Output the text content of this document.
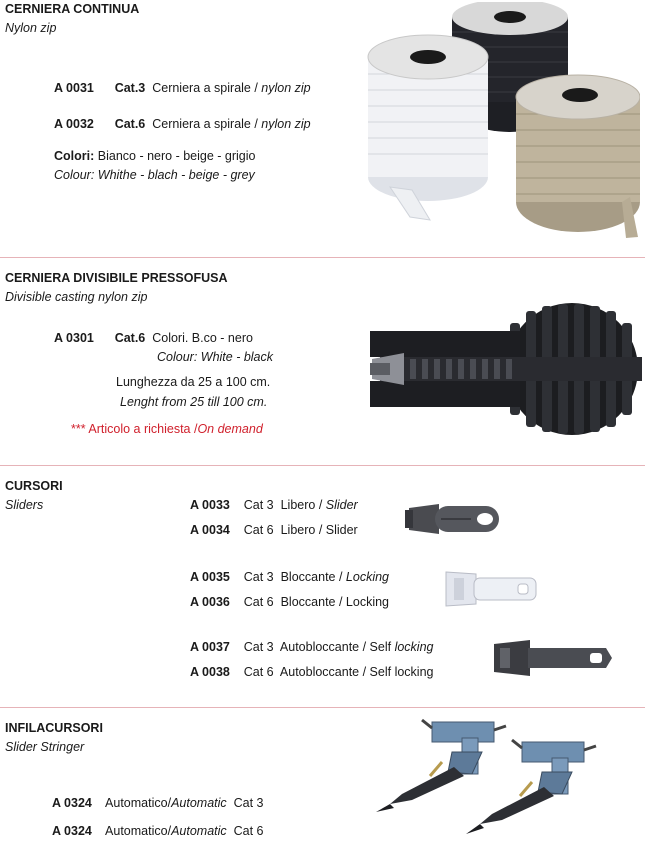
CERNIERA CONTINUA
Nylon zip
A 0031 Cat.3 Cerniera a spirale / nylon zip
A 0032 Cat.6 Cerniera a spirale / nylon zip
Colori: Bianco - nero - beige - grigio
Colour: Whithe - blach - beige - grey
CERNIERA DIVISIBILE PRESSOFUSA
Divisible casting nylon zip
A 0301 Cat.6 Colori. B.co - nero
Colour: White - black
Lunghezza da 25 a 100 cm.
Lenght from 25 till 100 cm.
*** Articolo a richiesta /On demand
CURSORI
Sliders	A 0033 Cat 3 Libero / Slider
A 0034 Cat 6 Libero / Slider
A 0035 Cat 3 Bloccante / Locking
A 0036 Cat 6 Bloccante / Locking
A 0037 Cat 3 Autobloccante / Self locking
A 0038 Cat 6 Autobloccante / Self locking
INFILACURSORI
Slider Stringer
A 0324 Automatico/Automatic  Cat 3
A 0324 Automatico/Automatic  Cat 6
